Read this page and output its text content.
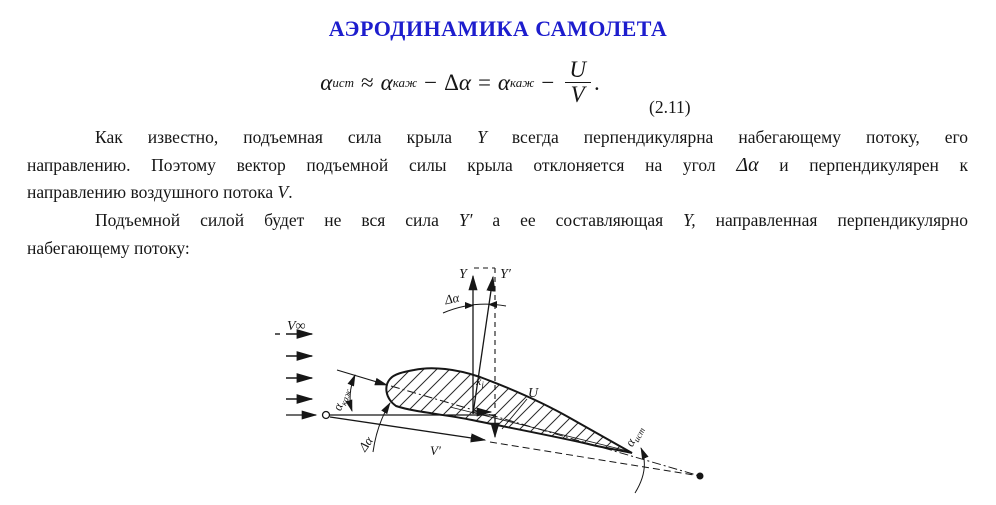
АЭРОДИНАМИКА САМОЛЕТА
α ист ≈ α каж − Δ α = α каж − $\frac{U}{V}$ .
(2.11)
Как известно, подъемная сила крыла Y всегда перпендикулярна набегающему потоку, его
направлению. Поэтому вектор подъемной силы крыла отклоняется на угол Δα и перпендикулярен к
направлению воздушного потока V.
Подъемной силой будет не вся сила Y′ а ее составляющая Y, направленная перпендикулярно
набегающему потоку:
V∞
V′
Y Y′
Δα
$x_i$
U
$\alpha_{каж}$
Δα	$\alpha_{ист}$
